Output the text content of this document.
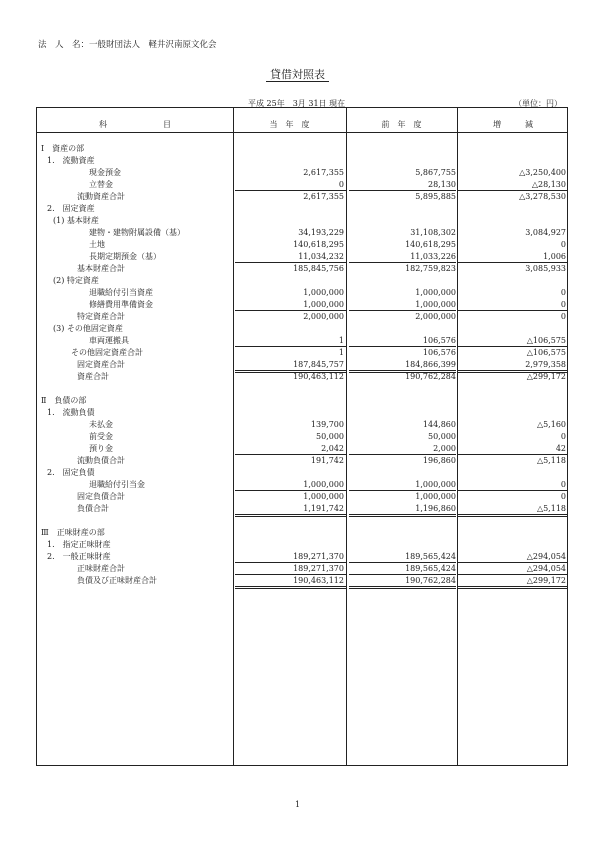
法　人　名：一般財団法人　軽井沢南原文化会
貸借対照表
平成 25年　3月 31日 現在	（単位：円）
科　　　　　　　目	当　年　度	前　年　度	増　　　減
Ⅰ　資産の部
1.　流動資産
現金預金	2,617,355	5,867,755	△3,250,400
立替金	0	28,130	△28,130
流動資産合計	2,617,355	5,895,885	△3,278,530
2.　固定資産
(1) 基本財産
建物・建物附属設備（基）	34,193,229	31,108,302	3,084,927
土地	140,618,295	140,618,295	0
長期定期預金（基）	11,034,232	11,033,226	1,006
基本財産合計	185,845,756	182,759,823	3,085,933
(2) 特定資産
退職給付引当資産	1,000,000	1,000,000	0
修繕費用準備資金	1,000,000	1,000,000	0
特定資産合計	2,000,000	2,000,000	0
(3) その他固定資産
車両運搬具	1	106,576	△106,575
その他固定資産合計	1	106,576	△106,575
固定資産合計	187,845,757	184,866,399	2,979,358
資産合計	190,463,112	190,762,284	△299,172
Ⅱ　負債の部
1.　流動負債
未払金	139,700	144,860	△5,160
前受金	50,000	50,000	0
預り金	2,042	2,000	42
流動負債合計	191,742	196,860	△5,118
2.　固定負債
退職給付引当金	1,000,000	1,000,000	0
固定負債合計	1,000,000	1,000,000	0
負債合計	1,191,742	1,196,860	△5,118
Ⅲ　正味財産の部
1.　指定正味財産
2.　一般正味財産	189,271,370	189,565,424	△294,054
正味財産合計	189,271,370	189,565,424	△294,054
負債及び正味財産合計	190,463,112	190,762,284	△299,172
1
